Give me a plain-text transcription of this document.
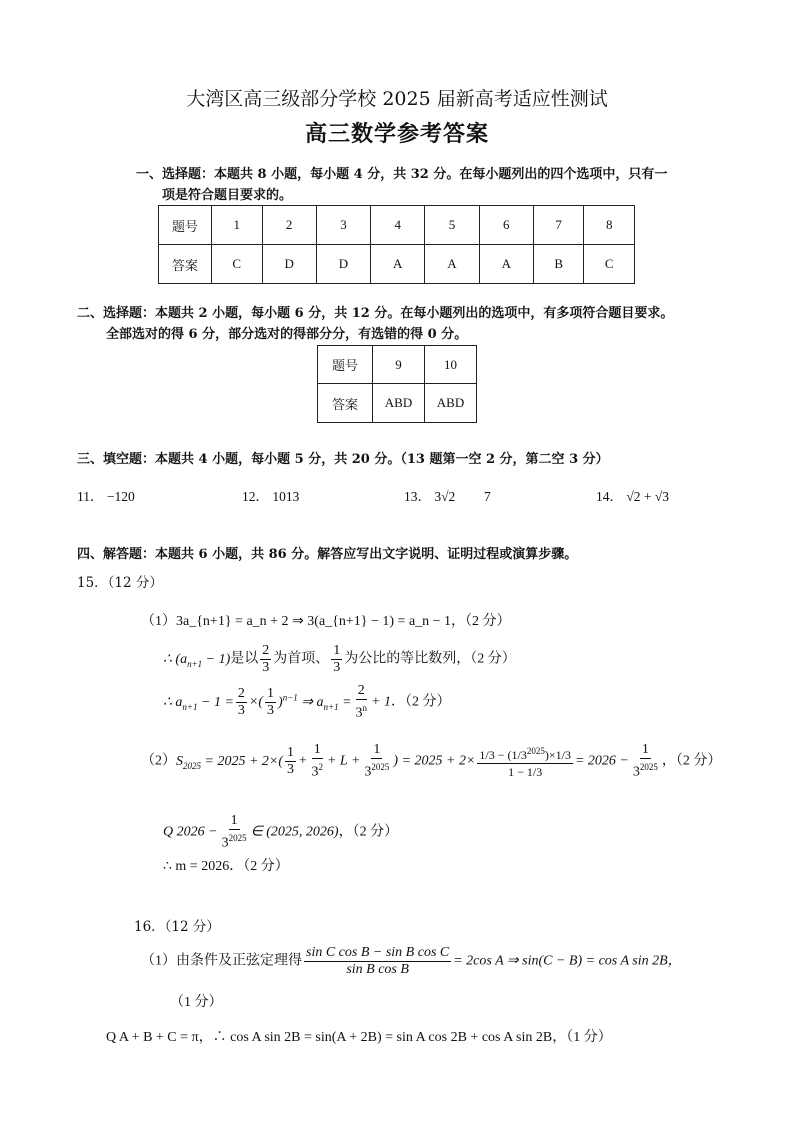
大湾区高三级部分学校 2025 届新高考适应性测试
高三数学参考答案
一、选择题：本题共 8 小题，每小题 4 分，共 32 分。在每小题列出的四个选项中，只有一
项是符合题目要求的。
题号	1	2	3	4	5	6	7	8
答案	C	D	D	A	A	A	B	C
二、选择题：本题共 2 小题，每小题 6 分，共 12 分。在每小题列出的选项中，有多项符合题目要求。
全部选对的得 6 分，部分选对的得部分分，有选错的得 0 分。
题号	9	10
答案	ABD	ABD
三、填空题：本题共 4 小题，每小题 5 分，共 20 分。（13 题第一空 2 分，第二空 3 分）
11． −120	12． 1013	13． 3√2 7	14． √2 + √3
四、解答题：本题共 6 小题，共 86 分。解答应写出文字说明、证明过程或演算步骤。
15．（12 分）
（1）3a_{n+1} = a_n + 2 ⇒ 3(a_{n+1} − 1) = a_n − 1，（2 分）
∴ $(a_{n+1} - 1)$是以 $\frac{2}{3}$ 为首项、 $\frac{1}{3}$ 为公比的等比数列，（2 分）
∴ $a_{n+1} - 1 = \frac{2}{3}$ ×( $\frac{1}{3} )^{n-1}$ ⇒ $a_{n+1} = \frac{2}{3^n} + 1$．（2 分）
$(2)S_{2025} = 2025 + 2\times( \frac{1}{3} + \frac{1}{3^2} + L + \frac{1}{3^{2025}}$ ) = $2025 + 2\times \frac{1/3 - (1/3^{2025})\times 1/3}{1 - 1/3} = 2026 - \frac{1}{3^{2025}}$ ，（2 分）
Q $2026 - \frac{1}{3^{2025}}$ ∈ (2025, 2026)，（2 分）
∴ m = 2026．（2 分）
16．（12 分）
（1）由条件及正弦定理得 $\frac{\text{sin C cos B − sin B cos C}}{\text{sin B cos B}} = 2\cos$ A ⇒ sin(C − B) = cos A sin 2B，
（1 分）
Q A + B + C = π，∴ cos A sin 2B = sin(A + 2B) = sin A cos 2B + cos A sin 2B，（1 分）
